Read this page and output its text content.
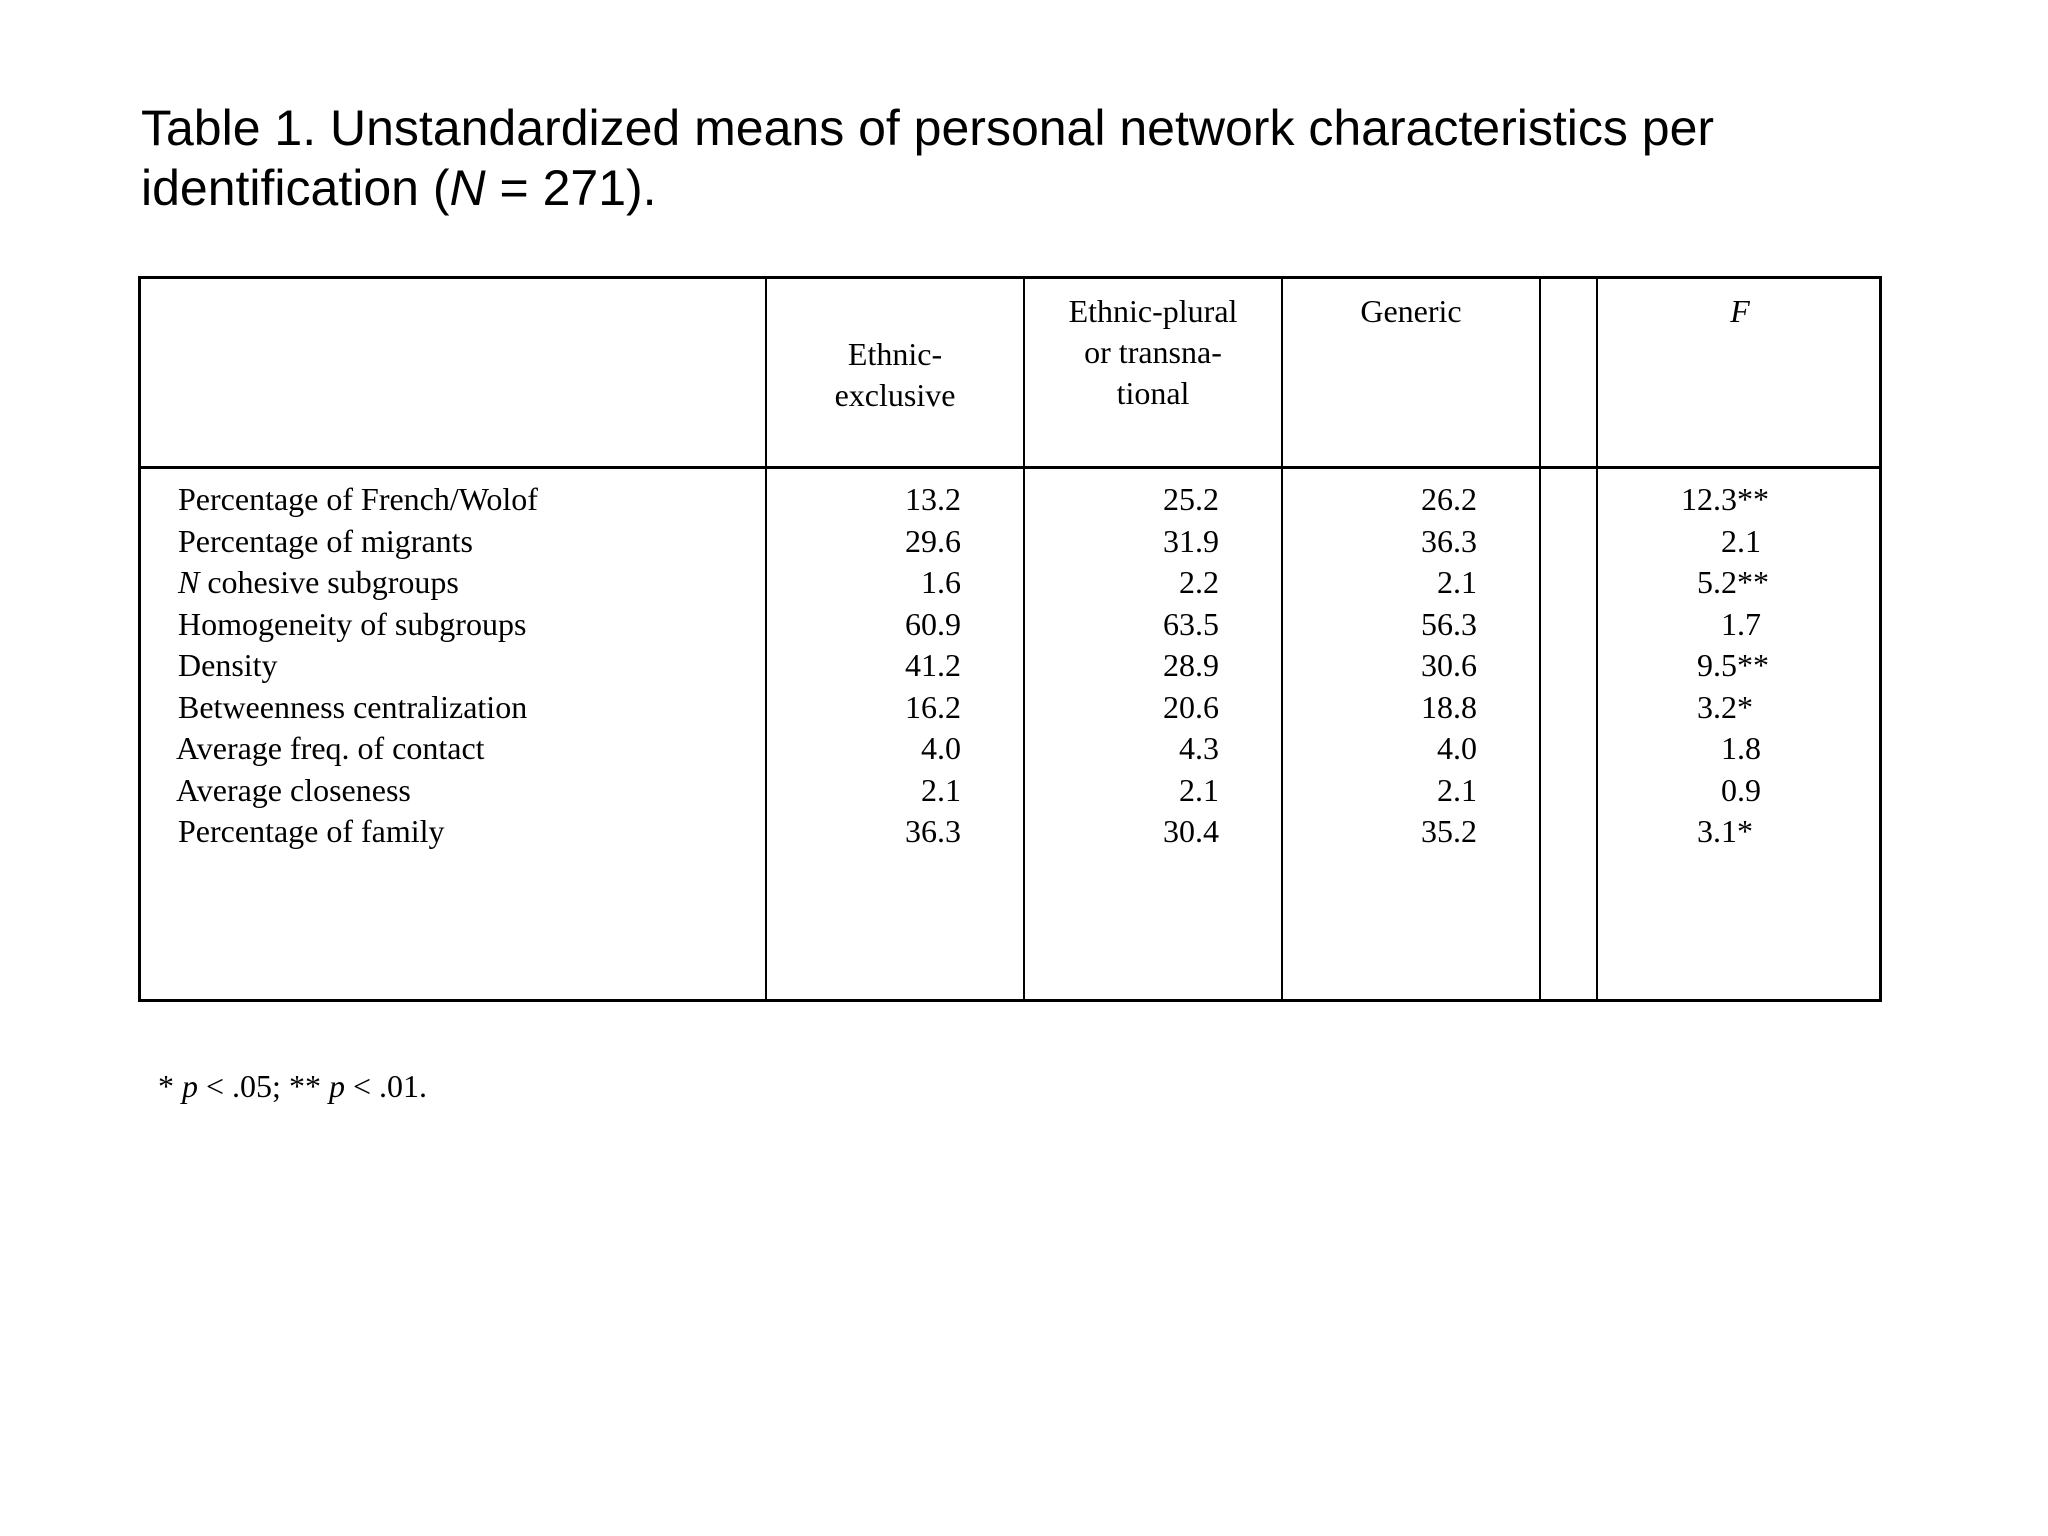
Table 1. Unstandardized means of personal network characteristics per identification (N = 271).
Ethnic-
exclusive
Ethnic-plural
or transna-
tional
Generic	F
Percentage of French/Wolof
Percentage of migrants
N cohesive subgroups
Homogeneity of subgroups
Density
Betweenness centralization
Average freq. of contact
Average closeness
Percentage of family
13.2
29.6
1.6
60.9
41.2
16.2
4.0
2.1
36.3
25.2
31.9
2.2
63.5
28.9
20.6
4.3
2.1
30.4
26.2
36.3
2.1
56.3
30.6
18.8
4.0
2.1
35.2
12.3**
2.1
5.2**
1.7
9.5**
3.2*
1.8
0.9
3.1*

* p < .05; ** p < .01.
